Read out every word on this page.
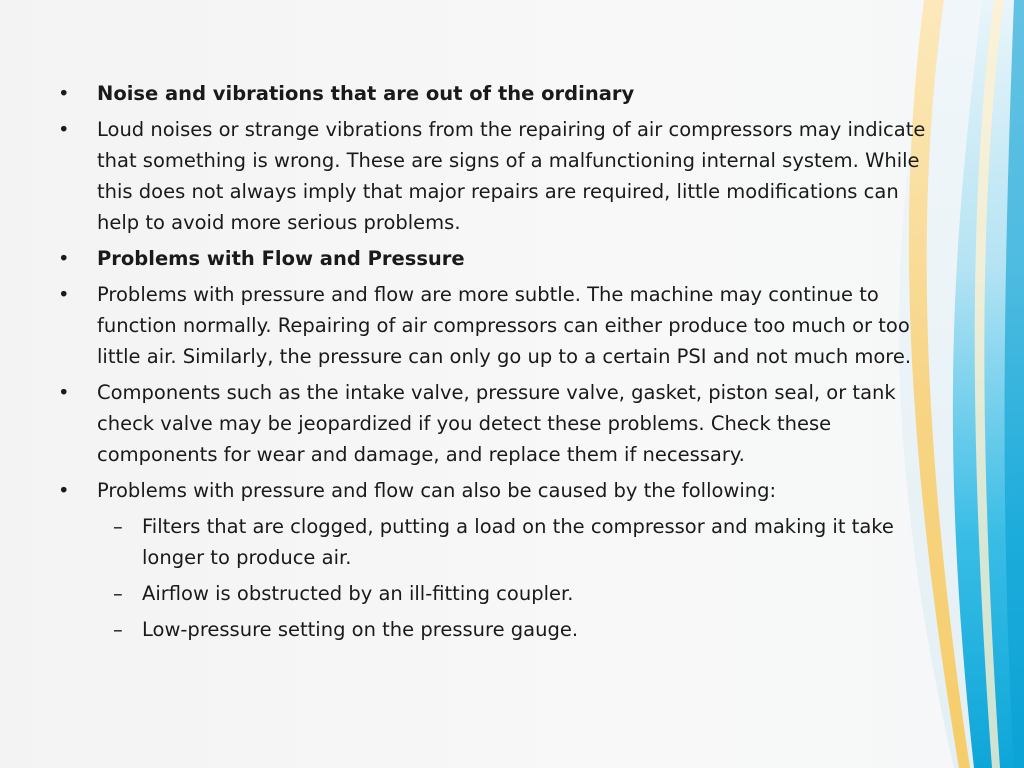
• Noise and vibrations that are out of the ordinary
• Loud noises or strange vibrations from the repairing of air compressors may indicate that something is wrong. These are signs of a malfunctioning internal system. While this does not always imply that major repairs are required, little modifications can help to avoid more serious problems.
• Problems with Flow and Pressure
• Problems with pressure and flow are more subtle. The machine may continue to function normally. Repairing of air compressors can either produce too much or too little air. Similarly, the pressure can only go up to a certain PSI and not much more.
• Components such as the intake valve, pressure valve, gasket, piston seal, or tank check valve may be jeopardized if you detect these problems. Check these components for wear and damage, and replace them if necessary.
• Problems with pressure and flow can also be caused by the following:
– Filters that are clogged, putting a load on the compressor and making it take longer to produce air.
– Airflow is obstructed by an ill-fitting coupler.
– Low-pressure setting on the pressure gauge.
